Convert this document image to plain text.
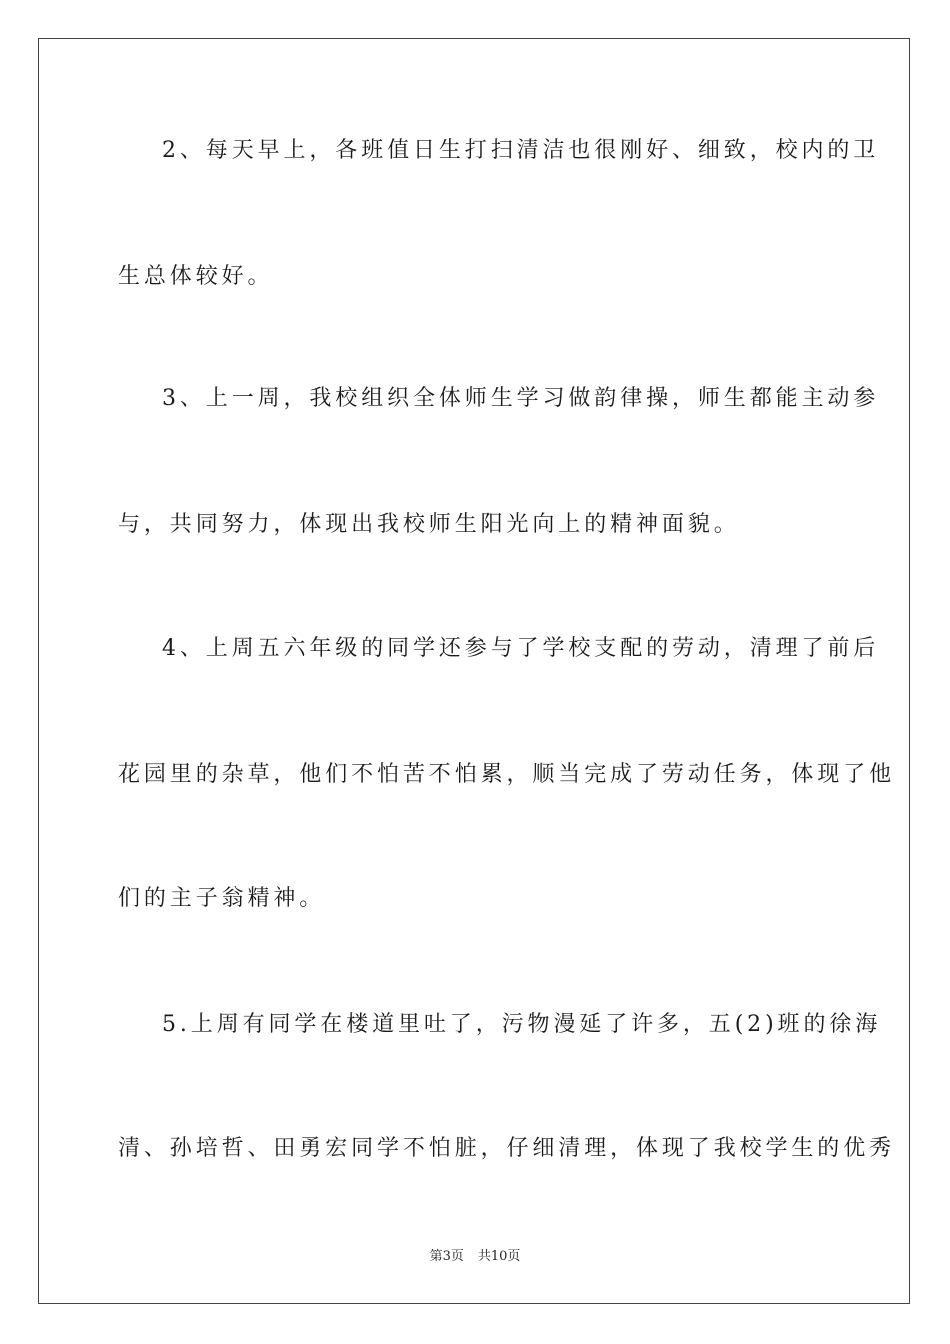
2、每天早上，各班值日生打扫清洁也很刚好、细致，校内的卫
生总体较好。
3、上一周，我校组织全体师生学习做韵律操，师生都能主动参
与，共同努力，体现出我校师生阳光向上的精神面貌。
4、上周五六年级的同学还参与了学校支配的劳动，清理了前后
花园里的杂草，他们不怕苦不怕累，顺当完成了劳动任务，体现了他
们的主子翁精神。
5.上周有同学在楼道里吐了，污物漫延了许多，五(2)班的徐海
清、孙培哲、田勇宏同学不怕脏，仔细清理，体现了我校学生的优秀
第3页 共10页
